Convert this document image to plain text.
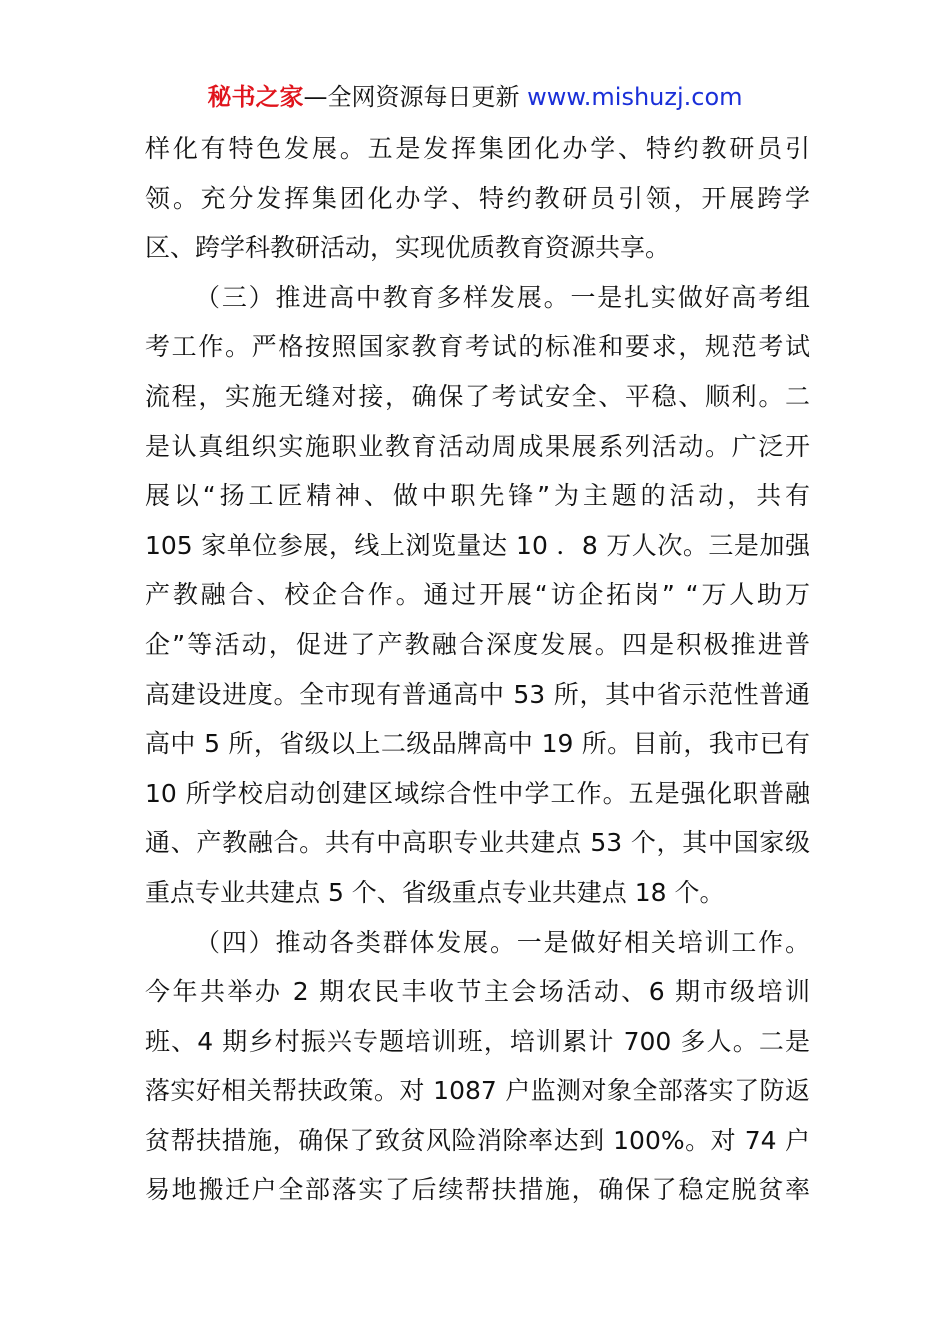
秘书之家—全网资源每日更新 www.mishuzj.com
样化有特色发展。五是发挥集团化办学、特约教研员引
领。充分发挥集团化办学、特约教研员引领，开展跨学
区、跨学科教研活动，实现优质教育资源共享。
（三）推进高中教育多样发展。一是扎实做好高考组
考工作。严格按照国家教育考试的标准和要求，规范考试
流程，实施无缝对接，确保了考试安全、平稳、顺利。二
是认真组织实施职业教育活动周成果展系列活动。广泛开
展以“扬工匠精神、做中职先锋”为主题的活动，共有
105 家单位参展，线上浏览量达 10 ．8 万人次。三是加强
产教融合、校企合作。通过开展“访企拓岗” “万人助万
企”等活动，促进了产教融合深度发展。四是积极推进普
高建设进度。全市现有普通高中 53 所，其中省示范性普通
高中 5 所，省级以上二级品牌高中 19 所。目前，我市已有
10 所学校启动创建区域综合性中学工作。五是强化职普融
通、产教融合。共有中高职专业共建点 53 个，其中国家级
重点专业共建点 5 个、省级重点专业共建点 18 个。
（四）推动各类群体发展。一是做好相关培训工作。
今年共举办 2 期农民丰收节主会场活动、6 期市级培训
班、4 期乡村振兴专题培训班，培训累计 700 多人。二是
落实好相关帮扶政策。对 1087 户监测对象全部落实了防返
贫帮扶措施，确保了致贫风险消除率达到 100%。对 74 户
易地搬迁户全部落实了后续帮扶措施，确保了稳定脱贫率
